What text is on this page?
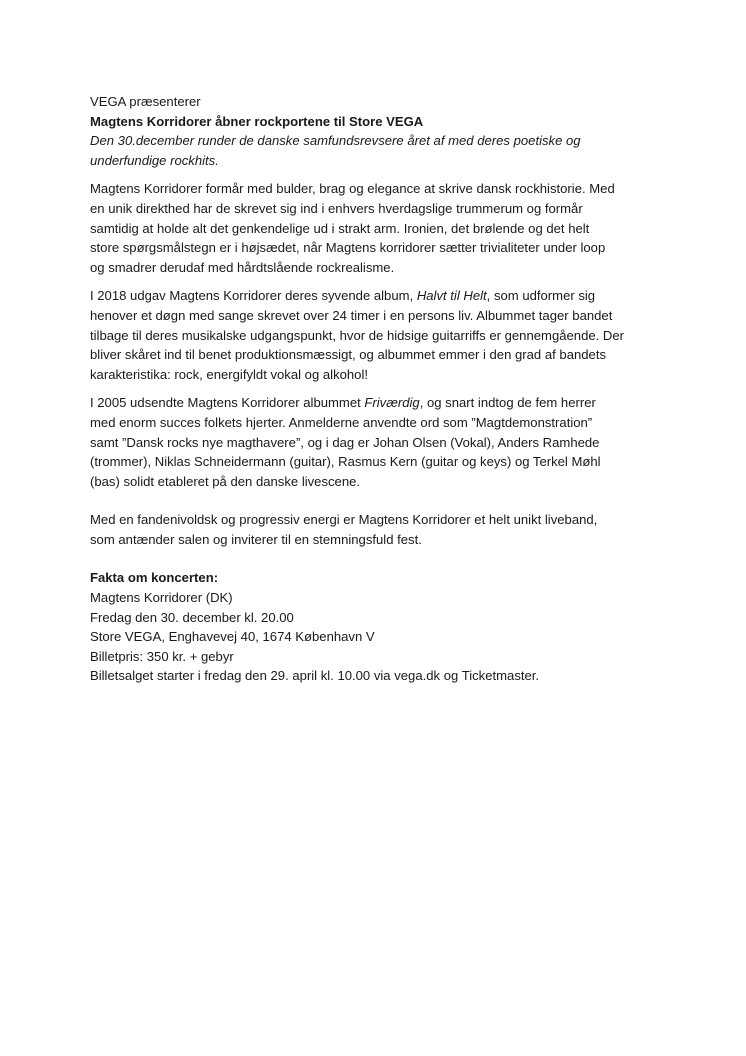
VEGA præsenterer
Magtens Korridorer åbner rockportene til Store VEGA
Den 30.december runder de danske samfundsrevsere året af med deres poetiske og
underfundige rockhits.
Magtens Korridorer formår med bulder, brag og elegance at skrive dansk rockhistorie. Med
en unik direkthed har de skrevet sig ind i enhvers hverdagslige trummerum og formår
samtidig at holde alt det genkendelige ud i strakt arm. Ironien, det brølende og det helt
store spørgsmålstegn er i højsædet, når Magtens korridorer sætter trivialiteter under loop
og smadrer derudaf med hårdtslående rockrealisme.
I 2018 udgav Magtens Korridorer deres syvende album, Halvt til Helt, som udformer sig
henover et døgn med sange skrevet over 24 timer i en persons liv. Albummet tager bandet
tilbage til deres musikalske udgangspunkt, hvor de hidsige guitarriffs er gennemgående. Der
bliver skåret ind til benet produktionsmæssigt, og albummet emmer i den grad af bandets
karakteristika: rock, energifyldt vokal og alkohol!
I 2005 udsendte Magtens Korridorer albummet Friværdig, og snart indtog de fem herrer
med enorm succes folkets hjerter. Anmelderne anvendte ord som ”Magtdemonstration”
samt ”Dansk rocks nye magthavere”, og i dag er Johan Olsen (Vokal), Anders Ramhede
(trommer), Niklas Schneidermann (guitar), Rasmus Kern (guitar og keys) og Terkel Møhl
(bas) solidt etableret på den danske livescene.
Med en fandenivoldsk og progressiv energi er Magtens Korridorer et helt unikt liveband,
som antænder salen og inviterer til en stemningsfuld fest.
Fakta om koncerten:
Magtens Korridorer (DK)
Fredag den 30. december kl. 20.00
Store VEGA, Enghavevej 40, 1674 København V
Billetpris: 350 kr. + gebyr
Billetsalget starter i fredag den 29. april kl. 10.00 via vega.dk og Ticketmaster.
